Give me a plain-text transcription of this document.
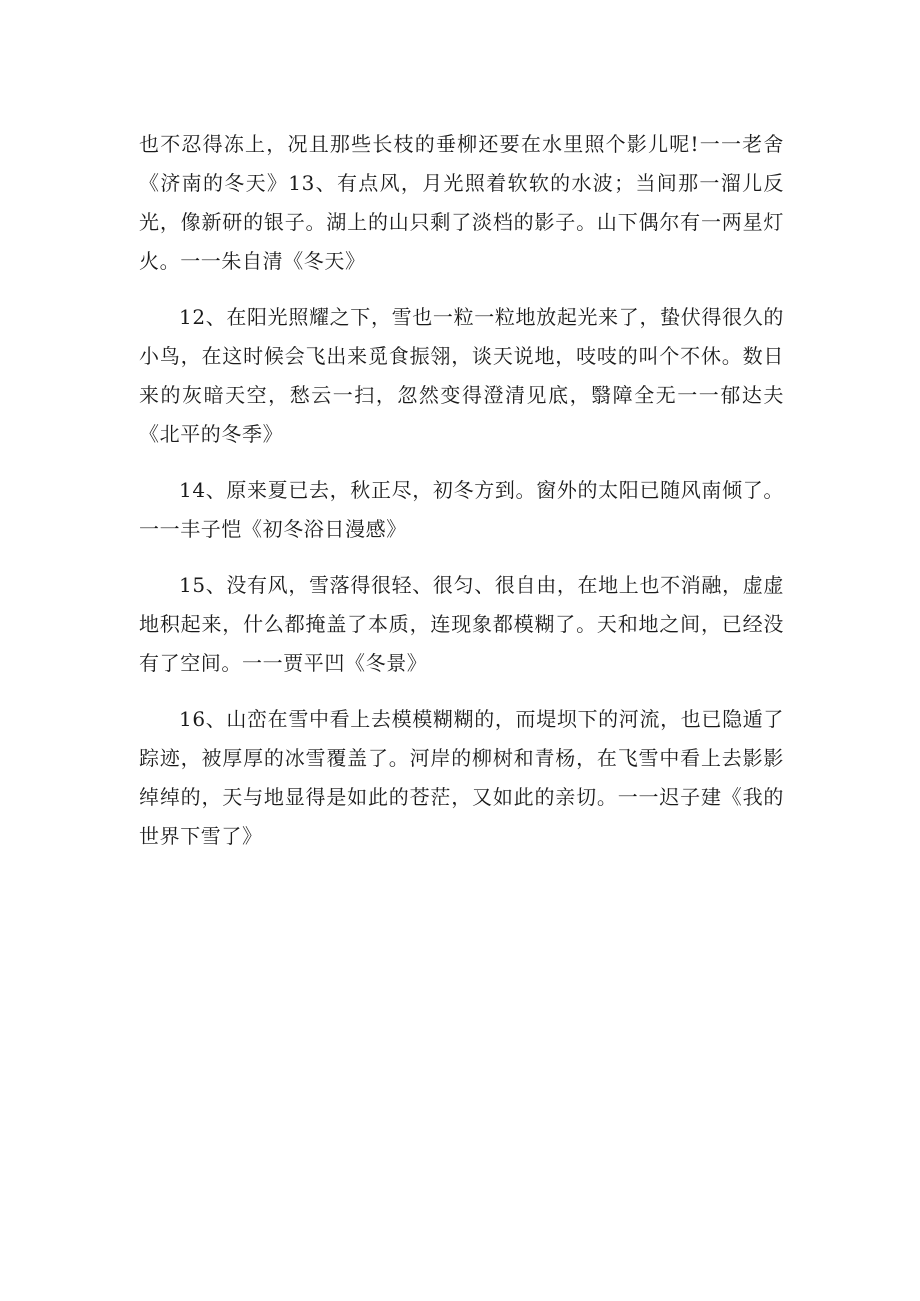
也不忍得冻上，况且那些长枝的垂柳还要在水里照个影儿呢!一一老舍《济南的冬天》13、有点风，月光照着软软的水波；当间那一溜儿反光，像新研的银子。湖上的山只剩了淡档的影子。山下偶尔有一两星灯火。一一朱自清《冬天》

12、在阳光照耀之下，雪也一粒一粒地放起光来了，蛰伏得很久的小鸟，在这时候会飞出来觅食振翎，谈天说地，吱吱的叫个不休。数日来的灰暗天空，愁云一扫，忽然变得澄清见底，翳障全无一一郁达夫《北平的冬季》

14、原来夏已去，秋正尽，初冬方到。窗外的太阳已随风南倾了。一一丰子恺《初冬浴日漫感》

15、没有风，雪落得很轻、很匀、很自由，在地上也不消融，虚虚地积起来，什么都掩盖了本质，连现象都模糊了。天和地之间，已经没有了空间。一一贾平凹《冬景》

16、山峦在雪中看上去模模糊糊的，而堤坝下的河流，也已隐遁了踪迹，被厚厚的冰雪覆盖了。河岸的柳树和青杨，在飞雪中看上去影影绰绰的，天与地显得是如此的苍茫，又如此的亲切。一一迟子建《我的世界下雪了》
